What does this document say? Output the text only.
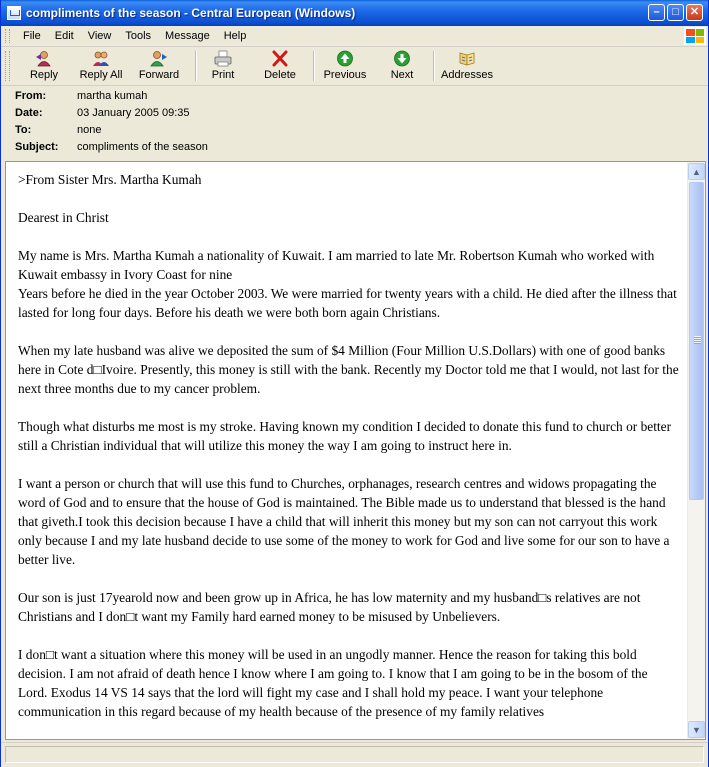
compliments of the season - Central European (Windows)	–	□	✕
File	Edit	View	Tools	Message	Help
Reply Reply All Forward	Print	Delete	Previous Next	Addresses
From:	martha kumah
Date:	03 January 2005 09:35
To:	none
Subject: compliments of the season

>From Sister Mrs. Martha Kumah

Dearest in Christ

My name is Mrs. Martha Kumah a nationality of Kuwait. I am married to late Mr. Robertson Kumah who worked with Kuwait embassy in Ivory Coast for nine

Years before he died in the year October 2003. We were married for twenty years with a child. He died after the illness that lasted for long four days. Before his death we were both born again Christians.

When my late husband was alive we deposited the sum of $4 Million (Four Million U.S.Dollars) with one of good banks here in Cote d□Ivoire. Presently, this money is still with the bank. Recently my Doctor told me that I would, not last for the next three months due to my cancer problem.

Though what disturbs me most is my stroke. Having known my condition I decided to donate this fund to church or better still a Christian individual that will utilize this money the way I am going to instruct here in.

I want a person or church that will use this fund to Churches, orphanages, research centres and widows propagating the word of God and to ensure that the house of God is maintained. The Bible made us to understand that blessed is the hand that giveth.I took this decision because I have a child that will inherit this money but my son can not carryout this work only because I and my late husband decide to use some of the money to work for God and live some for our son to have a better live.

Our son is just 17yearold now and been grow up in Africa, he has low maternity and my husband□s relatives are not Christians and I don□t want my Family hard earned money to be misused by Unbelievers.

I don□t want a situation where this money will be used in an ungodly manner. Hence the reason for taking this bold decision. I am not afraid of death hence I know where I am going to. I know that I am going to be in the bosom of the Lord. Exodus 14 VS 14 says that the lord will fight my case and I shall hold my peace. I want your telephone communication in this regard because of my health because of the presence of my family relatives

▲
▼
